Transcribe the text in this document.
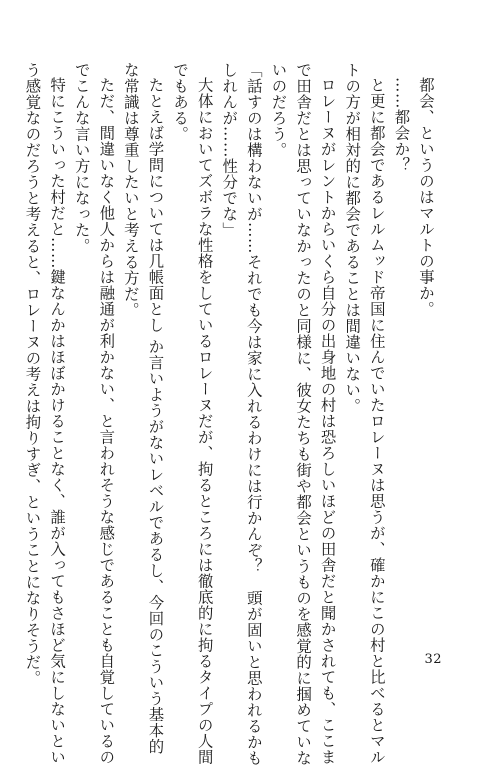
都会、というのはマルトの事か。
……都会か？
と更に都会であるレルムッド帝国に住んでいたロレーヌは思うが、確かにこの村と比べるとマル
トの方が相対的に都会であることは間違いない。
ロレーヌがレントからいくら自分の出身地の村は恐ろしいほどの田舎だと聞かされても、ここま
で田舎だとは思っていなかったのと同様に、彼女たちも街や都会というものを感覚的に掴めていな
いのだろう。
「話すのは構わないが……それでも今は家に入れるわけには行かんぞ？　頭が固いと思われるかも
しれんが……性分でな」
大体においてズボラな性格をしているロレーヌだが、拘るところには徹底的に拘るタイプの人間
でもある。
たとえば学問については几帳面とし か言いようがないレベルであるし、今回のこういう基本的
な常識は尊重したいと考える方だ。
ただ、間違いなく他人からは融通が利かない、と言われそうな感じであることも自覚しているの
でこんな言い方になった。
特にこういった村だと……鍵なんかはほぼかけることなく、誰が入ってもさほど気にしないとい
う感覚なのだろうと考えると、ロレーヌの考えは拘りすぎ、ということになりそうだ。	32
